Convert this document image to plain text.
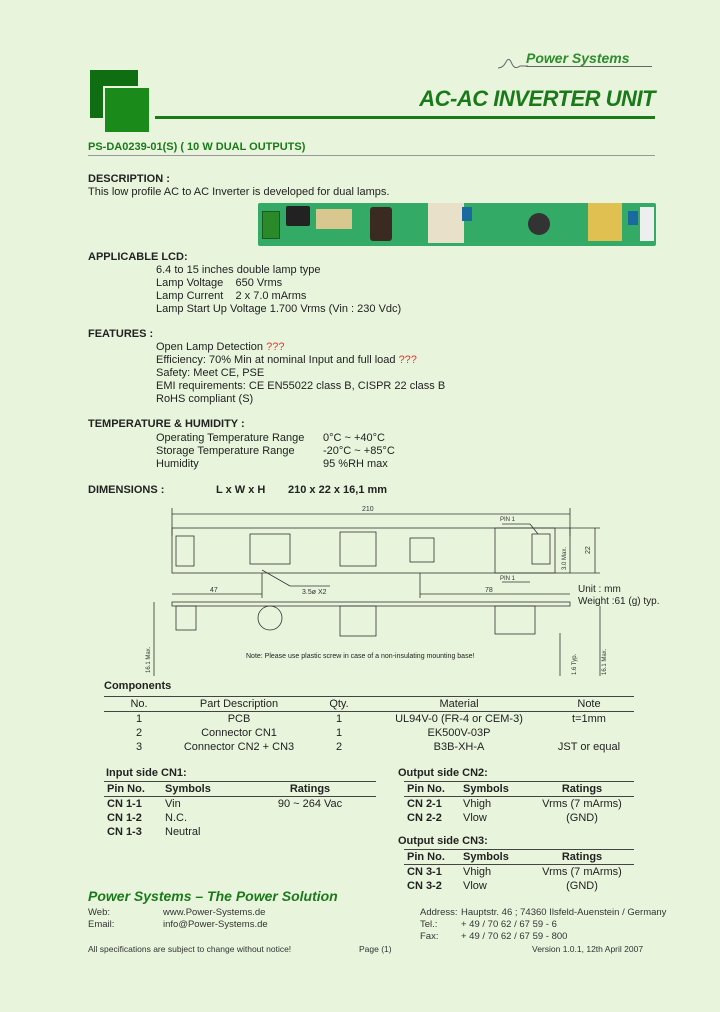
Power Systems
AC-AC INVERTER UNIT
PS-DA0239-01(S) ( 10 W DUAL OUTPUTS)
DESCRIPTION :
This low profile AC to AC Inverter is developed for dual lamps.
APPLICABLE LCD:
6.4 to 15 inches double lamp type
Lamp Voltage    650 Vrms
Lamp Current    2 x 7.0 mArms
Lamp Start Up Voltage 1.700 Vrms (Vin : 230 Vdc)
FEATURES :
Open Lamp Detection ???
Efficiency: 70% Min at nominal Input and full load ???
Safety: Meet CE, PSE
EMI requirements: CE EN55022 class B, CISPR 22 class B
RoHS compliant (S)
TEMPERATURE & HUMIDITY :
Operating Temperature Range 0°C ~ +40°C
Storage Temperature Range	-20°C ~ +85°C
Humidity	95 %RH max
DIMENSIONS :	L x W x H 210 x 22 x 16,1 mm
210
47	78
3.5ø X2
PIN 1
PIN 1
22
16.1 Max.	1.6 Typ.	16.1 Max.
3.0 Max.
Unit : mm
Weight :61 (g) typ.
Note: Please use plastic screw in case of a non-insulating mounting base!
Components
No.	Part Description	Qty.	Material	Note
1	PCB	1	UL94V-0 (FR-4 or CEM-3)	t=1mm
2	Connector CN1	1	EK500V-03P	
3	Connector CN2 + CN3	2	B3B-XH-A	JST or equal
Input side CN1:
Pin No.	Symbols	Ratings
CN 1-1	Vin	90 ~ 264 Vac
CN 1-2	N.C.	
CN 1-3	Neutral	
Output side CN2:
Pin No.	Symbols	Ratings
CN 2-1	Vhigh	Vrms (7 mArms)
CN 2-2	Vlow	(GND)
Output side CN3:
Pin No.	Symbols	Ratings
CN 3-1	Vhigh	Vrms (7 mArms)
CN 3-2	Vlow	(GND)
Power Systems – The Power Solution
Web:	www.Power-Systems.de
Email:	info@Power-Systems.de
Address: Hauptstr. 46 ; 74360 Ilsfeld-Auenstein / Germany
Tel.: + 49 / 70 62 / 67 59 - 6
Fax: + 49 / 70 62 / 67 59 - 800
All specifications are subject to change without notice!	Page (1)	Version 1.0.1, 12th April 2007
